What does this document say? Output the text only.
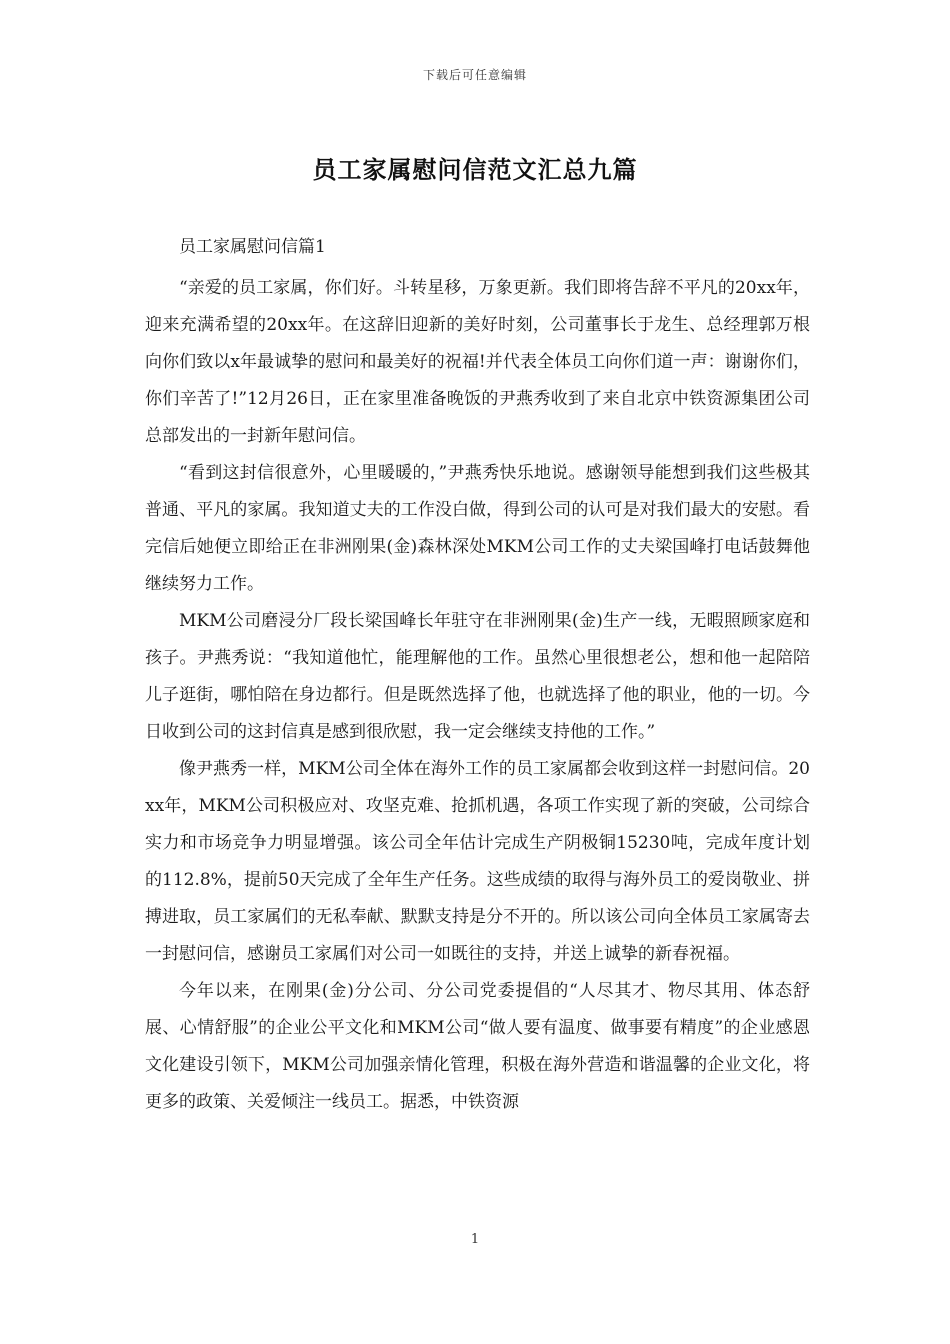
下载后可任意编辑
员工家属慰问信范文汇总九篇

员工家属慰问信篇1

“亲爱的员工家属，你们好。斗转星移，万象更新。我们即将告辞不平凡的20xx年，迎来充满希望的20xx年。在这辞旧迎新的美好时刻，公司董事长于龙生、总经理郭万根向你们致以x年最诚挚的慰问和最美好的祝福!并代表全体员工向你们道一声：谢谢你们，你们辛苦了!”12月26日，正在家里准备晚饭的尹燕秀收到了来自北京中铁资源集团公司总部发出的一封新年慰问信。

“看到这封信很意外，心里暖暖的，”尹燕秀快乐地说。感谢领导能想到我们这些极其普通、平凡的家属。我知道丈夫的工作没白做，得到公司的认可是对我们最大的安慰。看完信后她便立即给正在非洲刚果(金)森林深处MKM公司工作的丈夫梁国峰打电话鼓舞他继续努力工作。

MKM公司磨浸分厂段长梁国峰长年驻守在非洲刚果(金)生产一线，无暇照顾家庭和孩子。尹燕秀说：“我知道他忙，能理解他的工作。虽然心里很想老公，想和他一起陪陪儿子逛街，哪怕陪在身边都行。但是既然选择了他，也就选择了他的职业，他的一切。今日收到公司的这封信真是感到很欣慰，我一定会继续支持他的工作。”

像尹燕秀一样，MKM公司全体在海外工作的员工家属都会收到这样一封慰问信。20xx年，MKM公司积极应对、攻坚克难、抢抓机遇，各项工作实现了新的突破，公司综合实力和市场竞争力明显增强。该公司全年估计完成生产阴极铜15230吨，完成年度计划的112.8%，提前50天完成了全年生产任务。这些成绩的取得与海外员工的爱岗敬业、拼搏进取，员工家属们的无私奉献、默默支持是分不开的。所以该公司向全体员工家属寄去一封慰问信，感谢员工家属们对公司一如既往的支持，并送上诚挚的新春祝福。

今年以来，在刚果(金)分公司、分公司党委提倡的“人尽其才、物尽其用、体态舒展、心情舒服”的企业公平文化和MKM公司“做人要有温度、做事要有精度”的企业感恩文化建设引领下，MKM公司加强亲情化管理，积极在海外营造和谐温馨的企业文化，将更多的政策、关爱倾注一线员工。据悉，中铁资源

1
